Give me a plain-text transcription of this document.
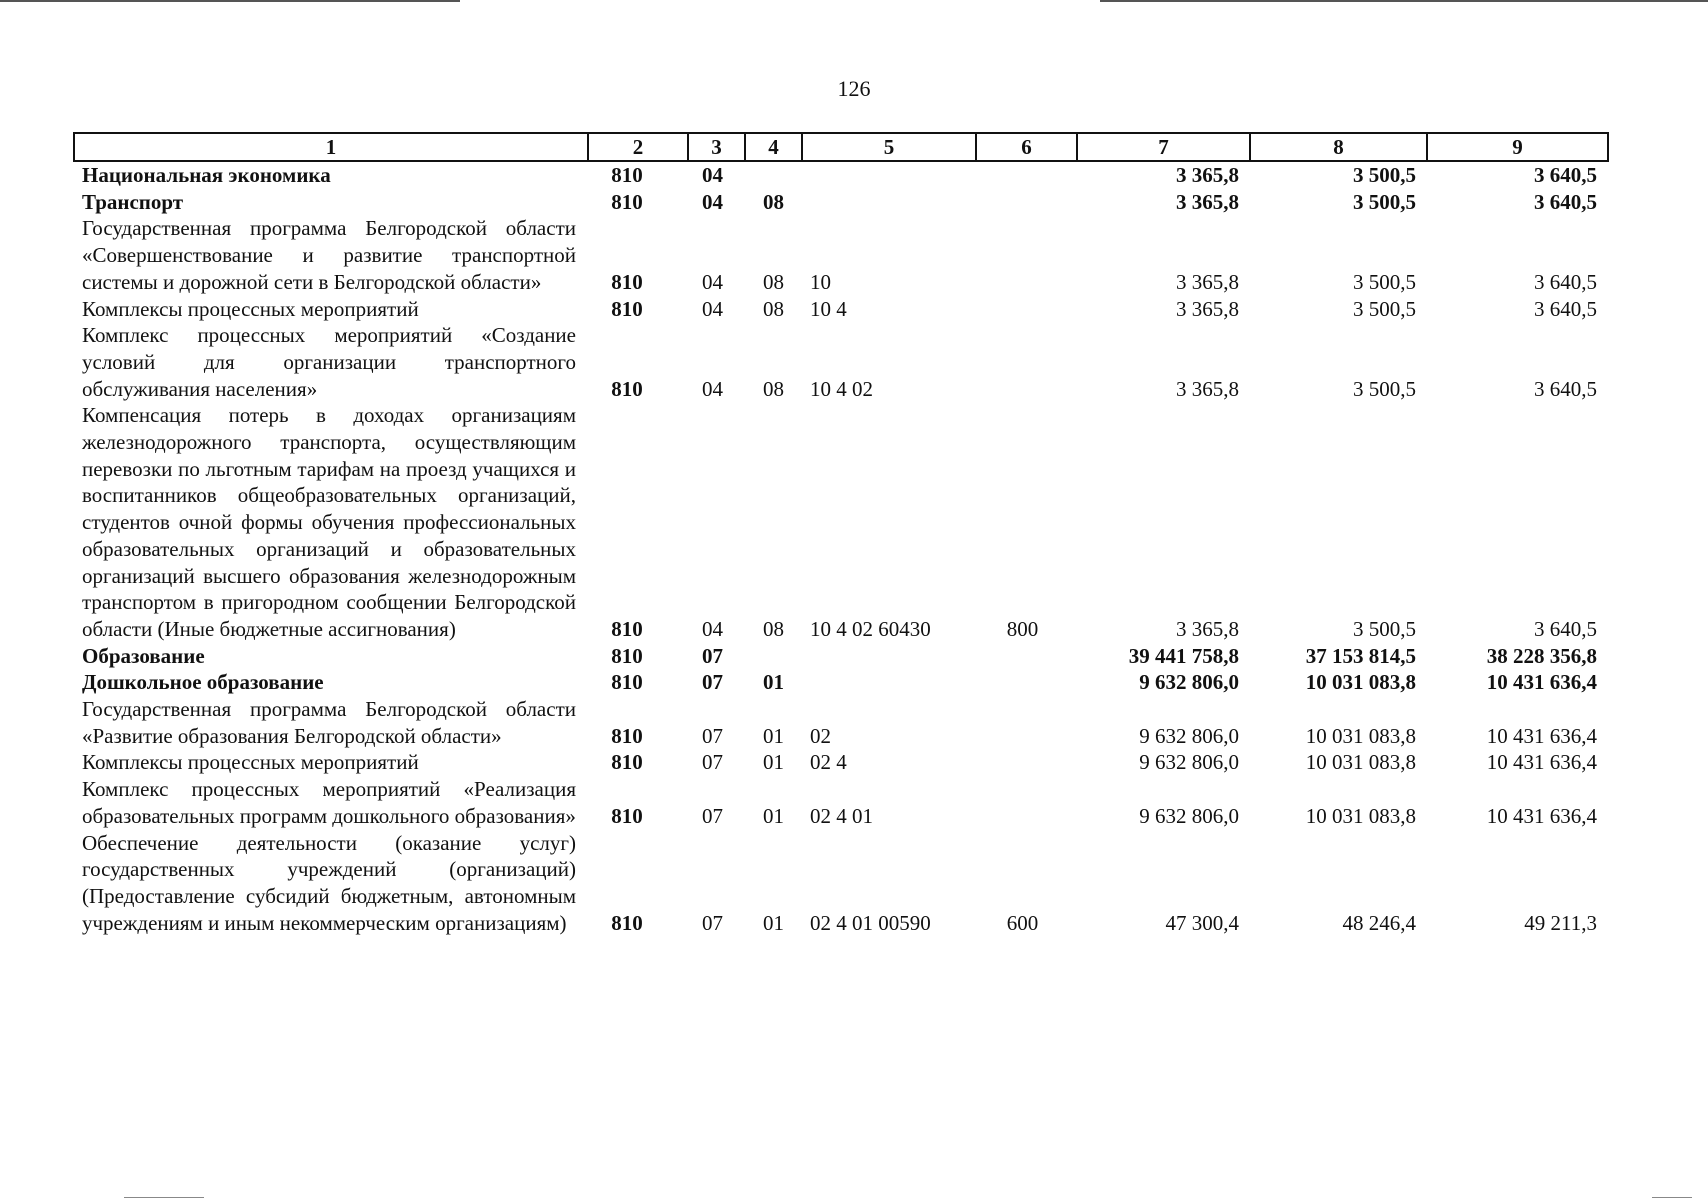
126
1	2	3	4	5	6	7	8	9
Национальная экономика	810	04				3 365,8	3 500,5	3 640,5
Транспорт	810	04	08			3 365,8	3 500,5	3 640,5
Государственная программа Белгородской области «Совершенствование и развитие транспортной системы и дорожной сети в Белгородской области»	810	04	08	10		3 365,8	3 500,5	3 640,5
Комплексы процессных мероприятий	810	04	08	10 4		3 365,8	3 500,5	3 640,5
Комплекс процессных мероприятий «Создание условий для организации транспортного обслуживания населения»	810	04	08	10 4 02		3 365,8	3 500,5	3 640,5
Компенсация потерь в доходах организациям железнодорожного транспорта, осуществляющим перевозки по льготным тарифам на проезд учащихся и воспитанников общеобразовательных организаций, студентов очной формы обучения профессиональных образовательных организаций и образовательных организаций высшего образования железнодорожным транспортом в пригородном сообщении Белгородской области (Иные бюджетные ассигнования)	810	04	08	10 4 02 60430	800	3 365,8	3 500,5	3 640,5
Образование	810	07				39 441 758,8	37 153 814,5	38 228 356,8
Дошкольное образование	810	07	01			9 632 806,0	10 031 083,8	10 431 636,4
Государственная программа Белгородской области «Развитие образования Белгородской области»	810	07	01	02		9 632 806,0	10 031 083,8	10 431 636,4
Комплексы процессных мероприятий	810	07	01	02 4		9 632 806,0	10 031 083,8	10 431 636,4
Комплекс процессных мероприятий «Реализация образовательных программ дошкольного образования»	810	07	01	02 4 01		9 632 806,0	10 031 083,8	10 431 636,4
Обеспечение деятельности (оказание услуг) государственных учреждений (организаций) (Предоставление субсидий бюджетным, автономным учреждениям и иным некоммерческим организациям)	810	07	01	02 4 01 00590	600	47 300,4	48 246,4	49 211,3
